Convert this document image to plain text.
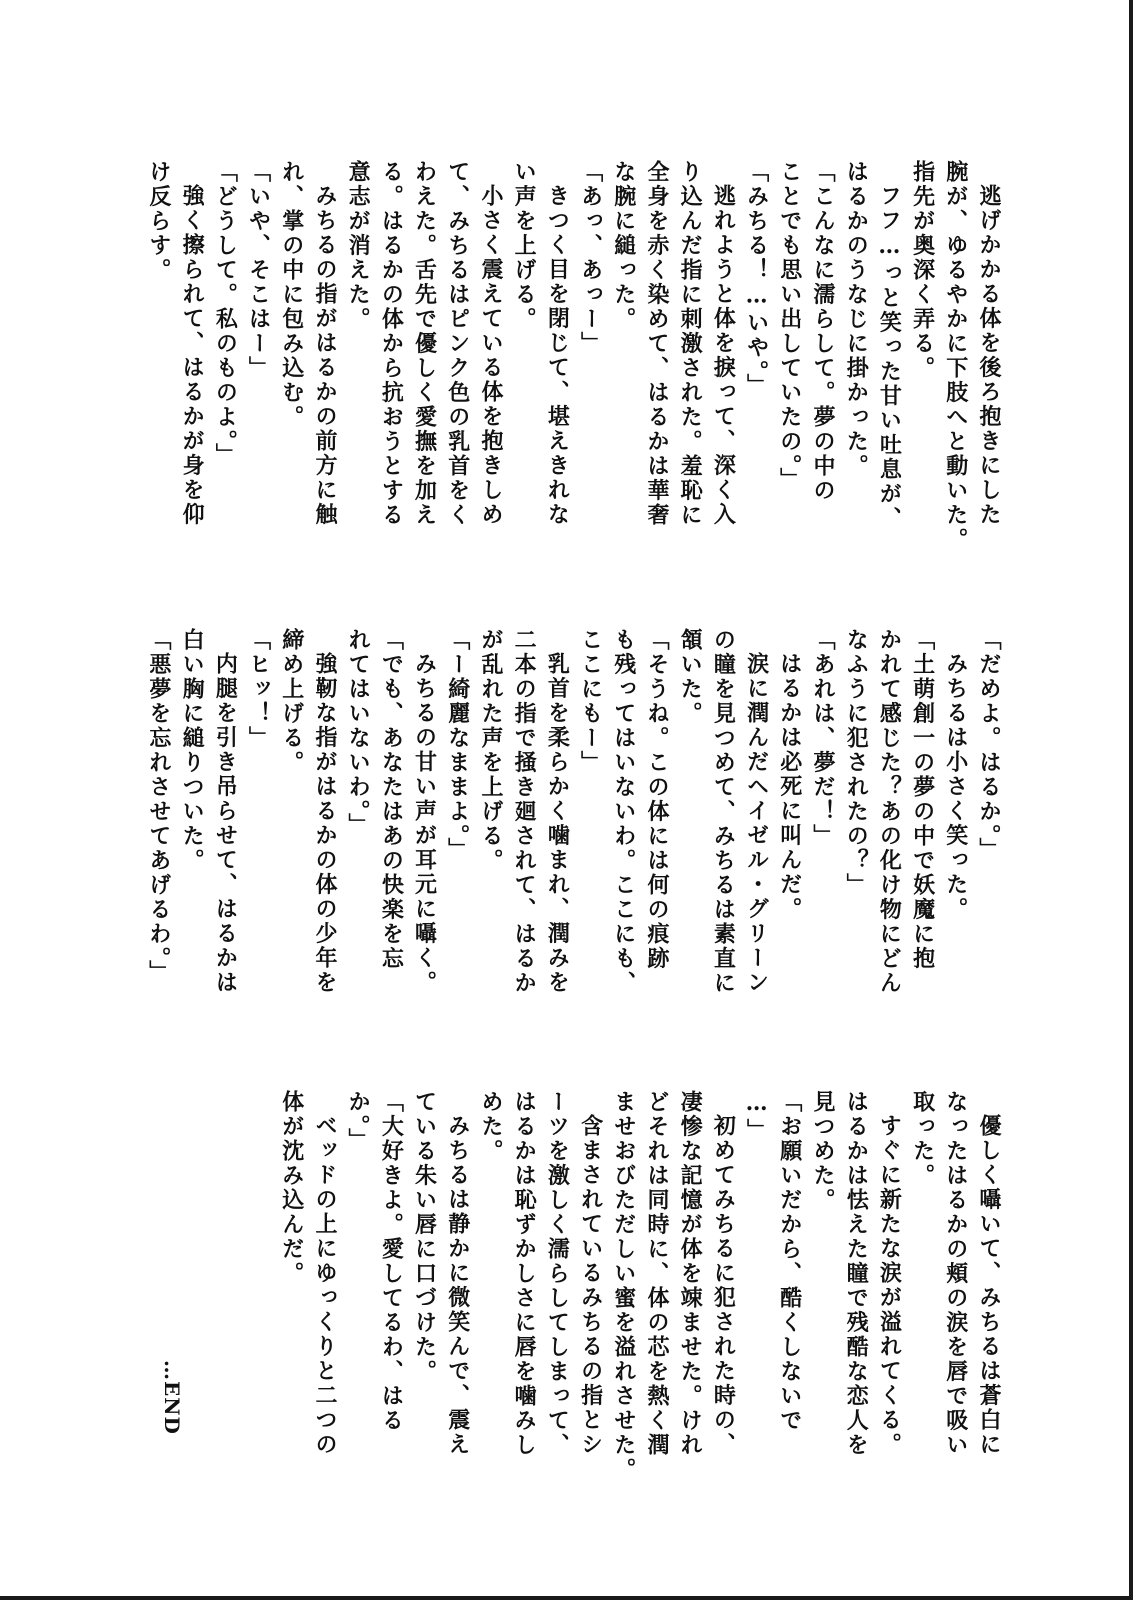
逃げかかる体を後ろ抱きにした
腕が、ゆるやかに下肢へと動いた。
指先が奥深く弄る。
フフ…っと笑った甘い吐息が、
はるかのうなじに掛かった。
「こんなに濡らして。夢の中の
ことでも思い出していたの。」
「みちる！…いや。」
逃れようと体を捩って、深く入
り込んだ指に刺激された。羞恥に
全身を赤く染めて、はるかは華奢
な腕に縋った。
「あっ、あっー」
きつく目を閉じて、堪えきれな
い声を上げる。
小さく震えている体を抱きしめ
て、みちるはピンク色の乳首をく
わえた。舌先で優しく愛撫を加え
る。はるかの体から抗おうとする
意志が消えた。
みちるの指がはるかの前方に触
れ、掌の中に包み込む。
「いや、そこはー」
「どうして。私のものよ。」
強く擦られて、はるかが身を仰
け反らす。
「だめよ。はるか。」
みちるは小さく笑った。
「土萌創一の夢の中で妖魔に抱
かれて感じた？あの化け物にどん
なふうに犯されたの？」
「あれは、夢だ！」
はるかは必死に叫んだ。
涙に潤んだヘイゼル・グリーン
の瞳を見つめて、みちるは素直に
頷いた。
「そうね。この体には何の痕跡
も残ってはいないわ。ここにも、
ここにもー」
乳首を柔らかく噛まれ、潤みを
二本の指で掻き廻されて、はるか
が乱れた声を上げる。
「ー綺麗なままよ。」
みちるの甘い声が耳元に囁く。
「でも、あなたはあの快楽を忘
れてはいないわ。」
強靭な指がはるかの体の少年を
締め上げる。
「ヒッ！」
内腿を引き吊らせて、はるかは
白い胸に縋りついた。
「悪夢を忘れさせてあげるわ。」
優しく囁いて、みちるは蒼白に
なったはるかの頬の涙を唇で吸い
取った。
すぐに新たな涙が溢れてくる。
はるかは怯えた瞳で残酷な恋人を
見つめた。
「お願いだから、酷くしないで
…」
初めてみちるに犯された時の、
凄惨な記憶が体を竦ませた。けれ
どそれは同時に、体の芯を熱く潤
ませおびただしい蜜を溢れさせた。
含まされているみちるの指とシ
ーツを激しく濡らしてしまって、
はるかは恥ずかしさに唇を噛みし
めた。
みちるは静かに微笑んで、震え
ている朱い唇に口づけた。
「大好きよ。愛してるわ、はる
か。」
ベッドの上にゆっくりと二つの
体が沈み込んだ。
…END
